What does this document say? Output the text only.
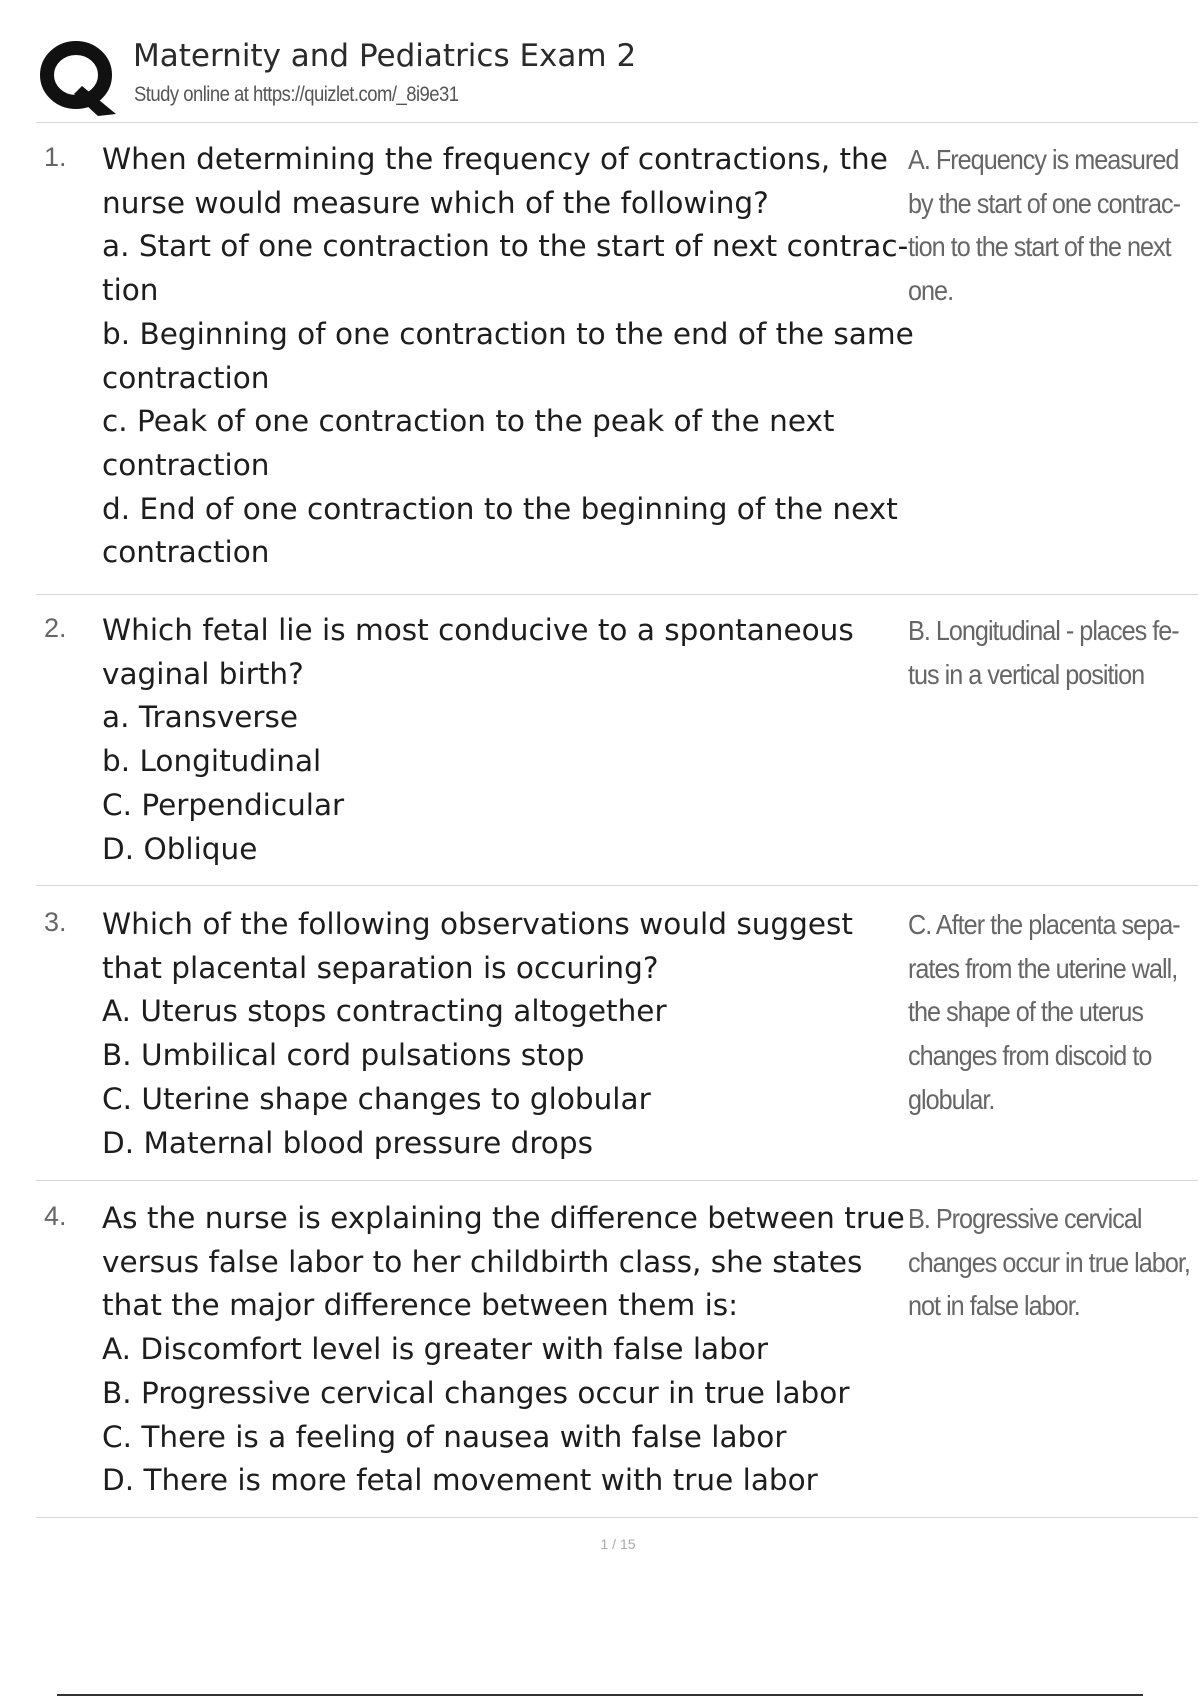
Maternity and Pediatrics Exam 2
Study online at https://quizlet.com/_8i9e31
1. When determining the frequency of contractions, the
nurse would measure which of the following?
a. Start of one contraction to the start of next contrac-
tion
b. Beginning of one contraction to the end of the same
contraction
c. Peak of one contraction to the peak of the next
contraction
d. End of one contraction to the beginning of the next
contraction
A. Frequency is measured
by the start of one contrac-
tion to the start of the next
one.
2. Which fetal lie is most conducive to a spontaneous
vaginal birth?
a. Transverse
b. Longitudinal
C. Perpendicular
D. Oblique
B. Longitudinal - places fe-
tus in a vertical position
3. Which of the following observations would suggest
that placental separation is occuring?
A. Uterus stops contracting altogether
B. Umbilical cord pulsations stop
C. Uterine shape changes to globular
D. Maternal blood pressure drops
C. After the placenta sepa-
rates from the uterine wall,
the shape of the uterus
changes from discoid to
globular.
4. As the nurse is explaining the difference between true
versus false labor to her childbirth class, she states
that the major difference between them is:
A. Discomfort level is greater with false labor
B. Progressive cervical changes occur in true labor
C. There is a feeling of nausea with false labor
D. There is more fetal movement with true labor
B. Progressive cervical
changes occur in true labor,
not in false labor.
1 / 15
